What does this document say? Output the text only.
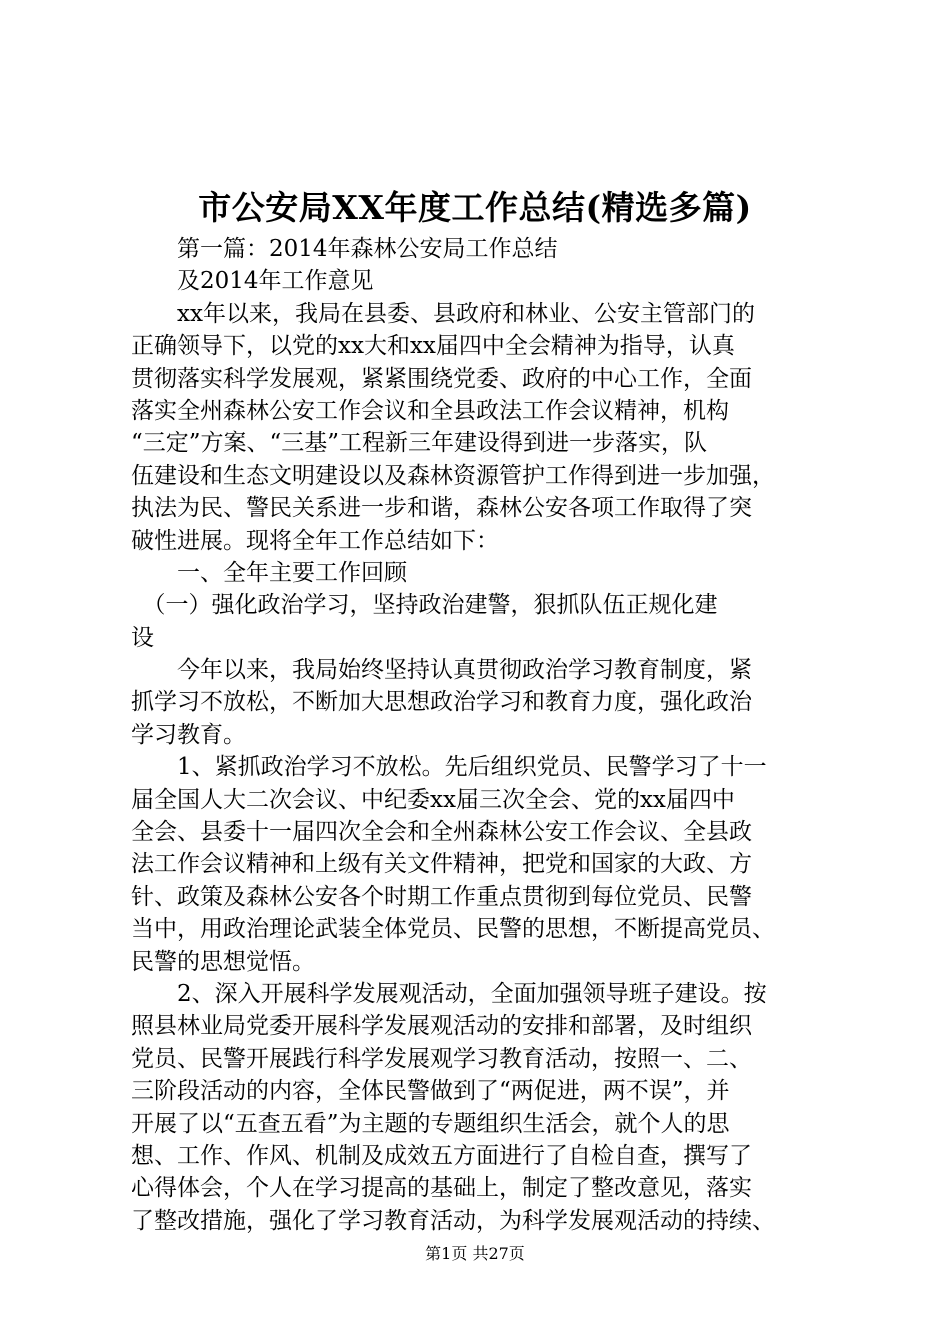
市公安局XX年度工作总结(精选多篇)
　　第一篇：2014年森林公安局工作总结
　　及2014年工作意见
　　xx年以来，我局在县委、县政府和林业、公安主管部门的
正确领导下，以党的xx大和xx届四中全会精神为指导，认真
贯彻落实科学发展观，紧紧围绕党委、政府的中心工作，全面
落实全州森林公安工作会议和全县政法工作会议精神，机构
“三定”方案、“三基”工程新三年建设得到进一步落实，队
伍建设和生态文明建设以及森林资源管护工作得到进一步加强，
执法为民、警民关系进一步和谐，森林公安各项工作取得了突
破性进展。现将全年工作总结如下：
　　一、全年主要工作回顾
　（一）强化政治学习，坚持政治建警，狠抓队伍正规化建
设
　　今年以来，我局始终坚持认真贯彻政治学习教育制度，紧
抓学习不放松，不断加大思想政治学习和教育力度，强化政治
学习教育。
　　1、紧抓政治学习不放松。先后组织党员、民警学习了十一
届全国人大二次会议、中纪委xx届三次全会、党的xx届四中
全会、县委十一届四次全会和全州森林公安工作会议、全县政
法工作会议精神和上级有关文件精神，把党和国家的大政、方
针、政策及森林公安各个时期工作重点贯彻到每位党员、民警
当中，用政治理论武装全体党员、民警的思想，不断提高党员、
民警的思想觉悟。
　　2、深入开展科学发展观活动，全面加强领导班子建设。按
照县林业局党委开展科学发展观活动的安排和部署，及时组织
党员、民警开展践行科学发展观学习教育活动，按照一、二、
三阶段活动的内容，全体民警做到了“两促进，两不误”，并
开展了以“五查五看”为主题的专题组织生活会，就个人的思
想、工作、作风、机制及成效五方面进行了自检自查，撰写了
心得体会，个人在学习提高的基础上，制定了整改意见，落实
了整改措施，强化了学习教育活动，为科学发展观活动的持续、
第1页 共27页
